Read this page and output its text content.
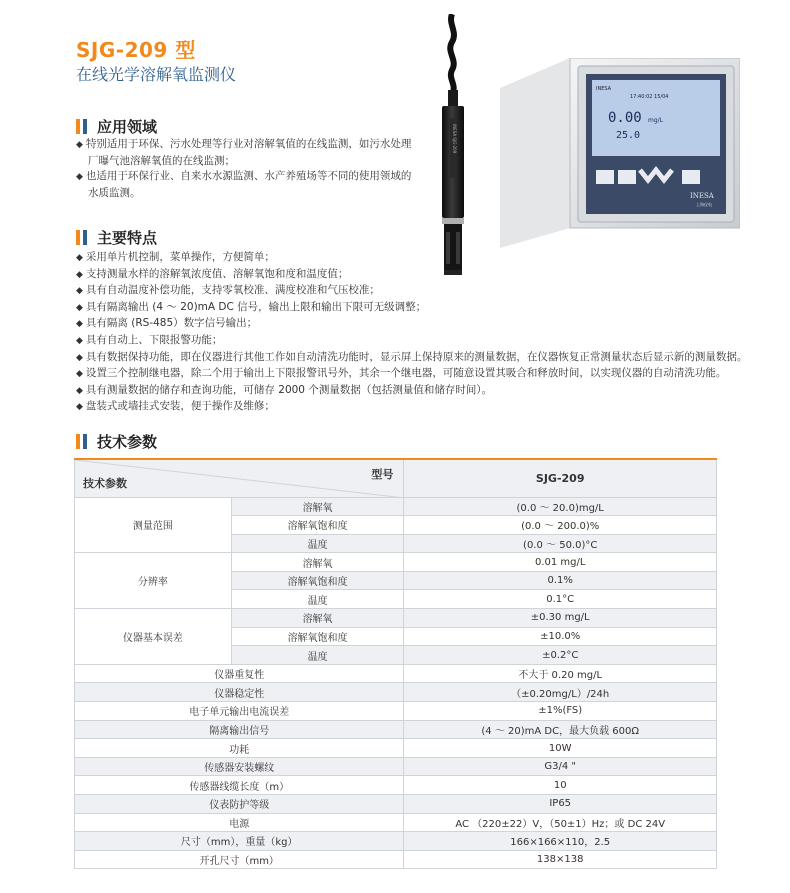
SJG-209 型
在线光学溶解氧监测仪
应用领域
◆ 特别适用于环保、污水处理等行业对溶解氧值的在线监测，如污水处理
厂曝气池溶解氧值的在线监测；
◆ 也适用于环保行业、自来水水源监测、水产养殖场等不同的使用领域的
水质监测。
主要特点
◆ 采用单片机控制，菜单操作，方便简单；
◆ 支持测量水样的溶解氧浓度值、溶解氧饱和度和温度值；
◆ 具有自动温度补偿功能，支持零氧校准、满度校准和气压校准；
◆ 具有隔离输出 (4 ～ 20)mA DC 信号，输出上限和输出下限可无级调整；
◆ 具有隔离 (RS-485）数字信号输出；
◆ 具有自动上、下限报警功能；
◆ 具有数据保持功能，即在仪器进行其他工作如自动清洗功能时，显示屏上保持原来的测量数据，在仪器恢复正常测量状态后显示新的测量数据。
◆ 设置三个控制继电器，除二个用于输出上下限报警讯号外，其余一个继电器，可随意设置其吸合和释放时间，以实现仪器的自动清洗功能。
◆ 具有测量数据的储存和查询功能，可储存 2000 个测量数据（包括测量值和储存时间）。
◆ 盘装式或墙挂式安装，便于操作及维修；
技术参数
INESA SJG-209
INESA
17:40:02 15/04
0.00 mg/L
25.0
INESA
上海仪电
型号
技术参数		SJG-209
测量范围	溶解氧	(0.0 ～ 20.0)mg/L
	溶解氧饱和度	(0.0 ～ 200.0)%
	温度	(0.0 ～ 50.0)°C
分辨率	溶解氧	0.01 mg/L
	溶解氧饱和度	0.1%
	温度	0.1°C
仪器基本误差	溶解氧	±0.30 mg/L
	溶解氧饱和度	±10.0%
	温度	±0.2°C
仪器重复性		不大于 0.20 mg/L
仪器稳定性		（±0.20mg/L）/24h
电子单元输出电流误差		±1%(FS)
隔离输出信号		(4 ～ 20)mA DC，最大负载 600Ω
功耗		10W
传感器安装螺纹		G3/4 "
传感器线缆长度（m）		10
仪表防护等级		IP65
电源		AC （220±22）V，（50±1）Hz；或 DC 24V
尺寸（mm），重量（kg）		166×166×110，2.5
开孔尺寸（mm）		138×138
